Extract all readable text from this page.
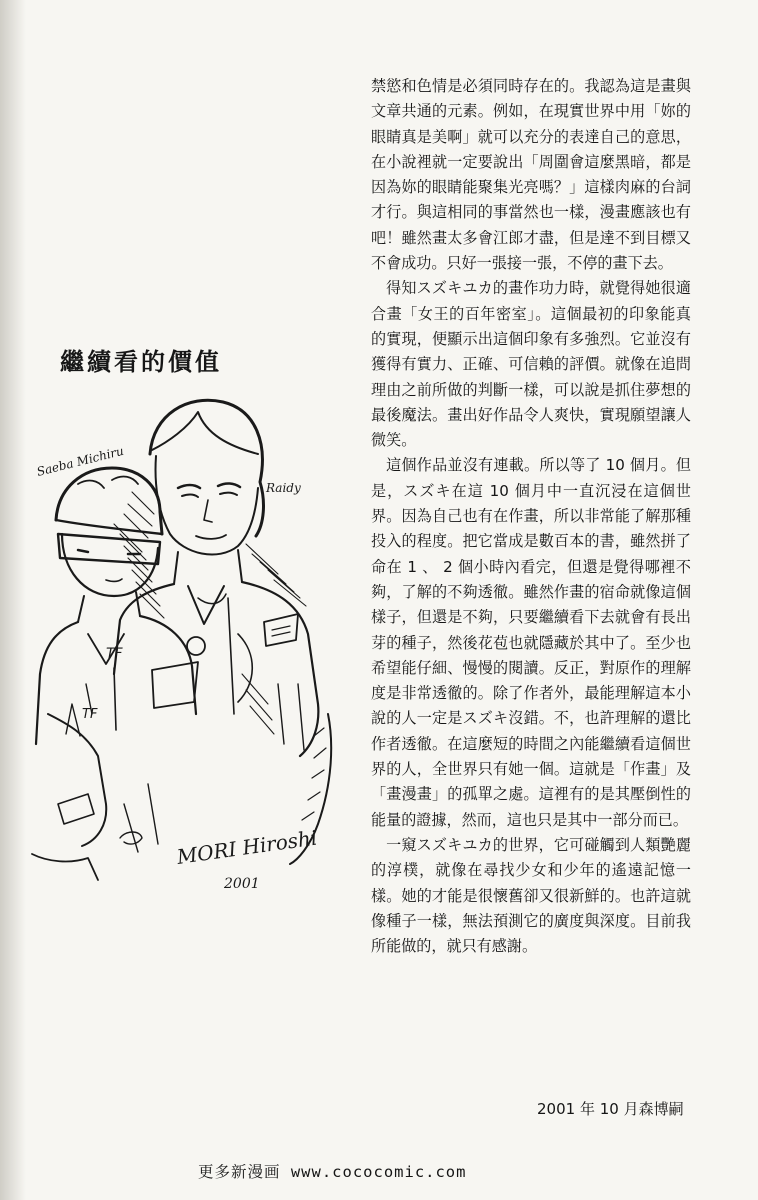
繼續看的價值
TF
TF
Saeba Michiru
Raidy
MORI Hiroshi
2001

禁慾和色情是必須同時存在的。我認為這是畫與文章共通的元素。例如，在現實世界中用「妳的眼睛真是美啊」就可以充分的表達自己的意思，在小說裡就一定要說出「周圍會這麼黑暗，都是因為妳的眼睛能聚集光亮嗎？」這樣肉麻的台詞才行。與這相同的事當然也一樣，漫畫應該也有吧！雖然畫太多會江郎才盡，但是達不到目標又不會成功。只好一張接一張，不停的畫下去。

得知スズキユカ的畫作功力時，就覺得她很適合畫「女王的百年密室」。這個最初的印象能真的實現，便顯示出這個印象有多強烈。它並沒有獲得有實力、正確、可信賴的評價。就像在追問理由之前所做的判斷一樣，可以說是抓住夢想的最後魔法。畫出好作品令人爽快，實現願望讓人微笑。

這個作品並沒有連載。所以等了 10 個月。但是，スズキ在這 10 個月中一直沉浸在這個世界。因為自己也有在作畫，所以非常能了解那種投入的程度。把它當成是數百本的書，雖然拼了命在 1 、 2 個小時內看完，但還是覺得哪裡不夠，了解的不夠透徹。雖然作畫的宿命就像這個樣子，但還是不夠，只要繼續看下去就會有長出芽的種子，然後花苞也就隱藏於其中了。至少也希望能仔細、慢慢的閱讀。反正，對原作的理解度是非常透徹的。除了作者外，最能理解這本小說的人一定是スズキ沒錯。不，也許理解的還比作者透徹。在這麼短的時間之內能繼續看這個世界的人，全世界只有她一個。這就是「作畫」及「畫漫畫」的孤單之處。這裡有的是其壓倒性的能量的證據，然而，這也只是其中一部分而已。

一窺スズキユカ的世界，它可碰觸到人類艷麗的淳樸，就像在尋找少女和少年的遙遠記憶一樣。她的才能是很懷舊卻又很新鮮的。也許這就像種子一樣，無法預測它的廣度與深度。目前我所能做的，就只有感謝。

2001 年 10 月森博嗣
更多新漫画 www.cococomic.com
